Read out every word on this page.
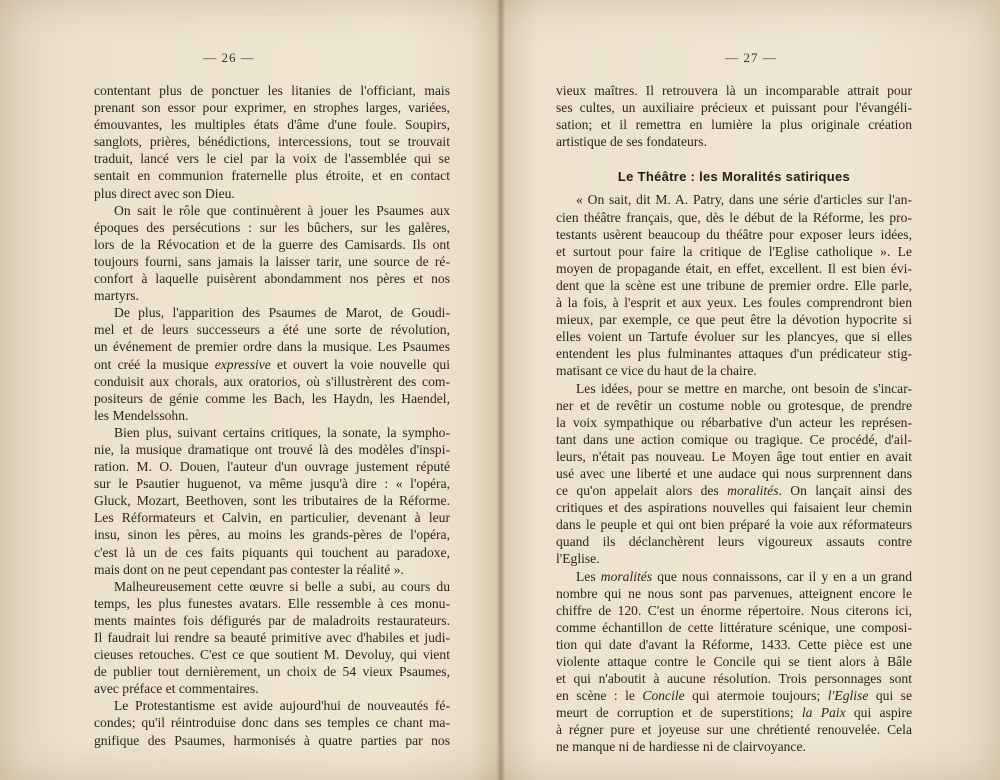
— 26 —
contentant plus de ponctuer les litanies de l'officiant, mais
prenant son essor pour exprimer, en strophes larges, variées,
émouvantes, les multiples états d'âme d'une foule. Soupirs,
sanglots, prières, bénédictions, intercessions, tout se trouvait
traduit, lancé vers le ciel par la voix de l'assemblée qui se
sentait en communion fraternelle plus étroite, et en contact
plus direct avec son Dieu.
On sait le rôle que continuèrent à jouer les Psaumes aux
époques des persécutions : sur les bûchers, sur les galères,
lors de la Révocation et de la guerre des Camisards. Ils ont
toujours fourni, sans jamais la laisser tarir, une source de ré-
confort à laquelle puisèrent abondamment nos pères et nos
martyrs.
De plus, l'apparition des Psaumes de Marot, de Goudi-
mel et de leurs successeurs a été une sorte de révolution,
un événement de premier ordre dans la musique. Les Psaumes
ont créé la musique expressive et ouvert la voie nouvelle qui
conduisit aux chorals, aux oratorios, où s'illustrèrent des com-
positeurs de génie comme les Bach, les Haydn, les Haendel,
les Mendelssohn.
Bien plus, suivant certains critiques, la sonate, la sympho-
nie, la musique dramatique ont trouvé là des modèles d'inspi-
ration. M. O. Douen, l'auteur d'un ouvrage justement réputé
sur le Psautier huguenot, va même jusqu'à dire : « l'opéra,
Gluck, Mozart, Beethoven, sont les tributaires de la Réforme.
Les Réformateurs et Calvin, en particulier, devenant à leur
insu, sinon les pères, au moins les grands-pères de l'opéra,
c'est là un de ces faits piquants qui touchent au paradoxe,
mais dont on ne peut cependant pas contester la réalité ».
Malheureusement cette œuvre si belle a subi, au cours du
temps, les plus funestes avatars. Elle ressemble à ces monu-
ments maintes fois défigurés par de maladroits restaurateurs.
Il faudrait lui rendre sa beauté primitive avec d'habiles et judi-
cieuses retouches. C'est ce que soutient M. Devoluy, qui vient
de publier tout dernièrement, un choix de 54 vieux Psaumes,
avec préface et commentaires.
Le Protestantisme est avide aujourd'hui de nouveautés fé-
condes; qu'il réintroduise donc dans ses temples ce chant ma-
gnifique des Psaumes, harmonisés à quatre parties par nos
— 27 —
vieux maîtres. Il retrouvera là un incomparable attrait pour
ses cultes, un auxiliaire précieux et puissant pour l'évangéli-
sation; et il remettra en lumière la plus originale création
artistique de ses fondateurs.
Le Théâtre : les Moralités satiriques
« On sait, dit M. A. Patry, dans une série d'articles sur l'an-
cien théâtre français, que, dès le début de la Réforme, les pro-
testants usèrent beaucoup du théâtre pour exposer leurs idées,
et surtout pour faire la critique de l'Eglise catholique ». Le
moyen de propagande était, en effet, excellent. Il est bien évi-
dent que la scène est une tribune de premier ordre. Elle parle,
à la fois, à l'esprit et aux yeux. Les foules comprendront bien
mieux, par exemple, ce que peut être la dévotion hypocrite si
elles voient un Tartufe évoluer sur les plancyes, que si elles
entendent les plus fulminantes attaques d'un prédicateur stig-
matisant ce vice du haut de la chaire.
Les idées, pour se mettre en marche, ont besoin de s'incar-
ner et de revêtir un costume noble ou grotesque, de prendre
la voix sympathique ou rébarbative d'un acteur les représen-
tant dans une action comique ou tragique. Ce procédé, d'ail-
leurs, n'était pas nouveau. Le Moyen âge tout entier en avait
usé avec une liberté et une audace qui nous surprennent dans
ce qu'on appelait alors des moralités. On lançait ainsi des
critiques et des aspirations nouvelles qui faisaient leur chemin
dans le peuple et qui ont bien préparé la voie aux réformateurs
quand ils déclanchèrent leurs vigoureux assauts contre
l'Eglise.
Les moralités que nous connaissons, car il y en a un grand
nombre qui ne nous sont pas parvenues, atteignent encore le
chiffre de 120. C'est un énorme répertoire. Nous citerons ici,
comme échantillon de cette littérature scénique, une composi-
tion qui date d'avant la Réforme, 1433. Cette pièce est une
violente attaque contre le Concile qui se tient alors à Bâle
et qui n'aboutit à aucune résolution. Trois personnages sont
en scène : le Concile qui atermoie toujours; l'Eglise qui se
meurt de corruption et de superstitions; la Paix qui aspire
à régner pure et joyeuse sur une chrétienté renouvelée. Cela
ne manque ni de hardiesse ni de clairvoyance.
